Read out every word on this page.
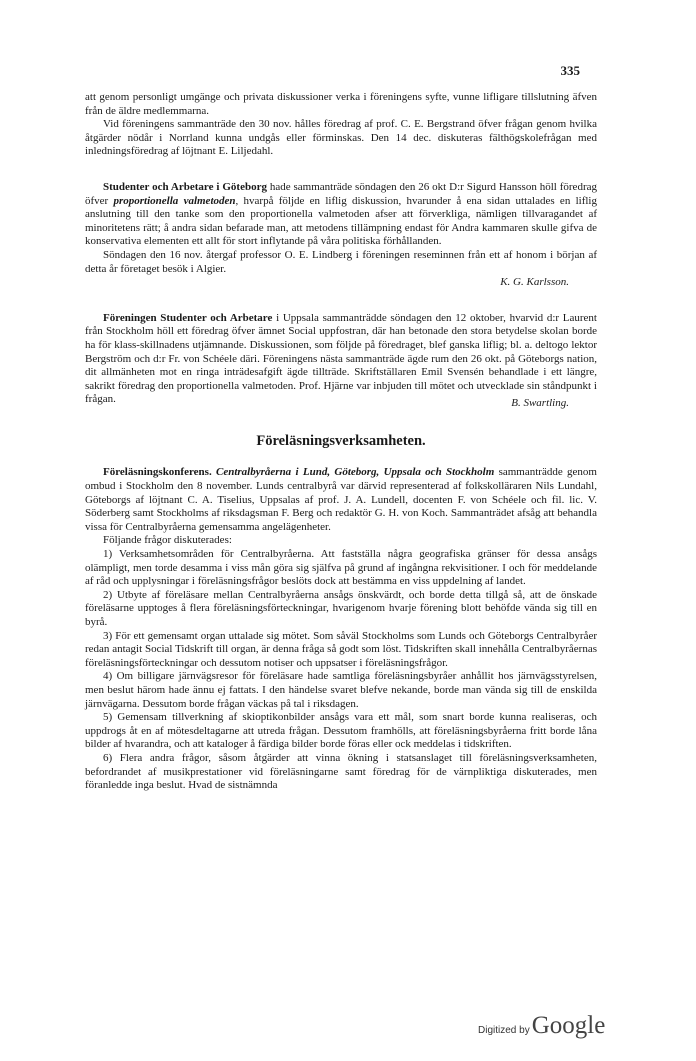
335

att genom personligt umgänge och privata diskussioner verka i föreningens syfte, vunne lifligare tillslutning äfven från de äldre medlemmarna.

Vid föreningens sammanträde den 30 nov. hålles föredrag af prof. C. E. Bergstrand öfver frågan genom hvilka åtgärder nödår i Norrland kunna undgås eller förminskas. Den 14 dec. diskuteras fälthögskolefrågan med inledningsföredrag af löjtnant E. Liljedahl.

Studenter och Arbetare i Göteborg hade sammanträde söndagen den 26 okt D:r Sigurd Hansson höll föredrag öfver proportionella valmetoden, hvarpå följde en liflig diskussion, hvarunder å ena sidan uttalades en liflig anslutning till den tanke som den proportionella valmetoden afser att förverkliga, nämligen tillvaragandet af minoritetens rätt; å andra sidan befarade man, att metodens tillämpning endast för Andra kammaren skulle gifva de konservativa elementen ett allt för stort inflytande på våra politiska förhållanden.

Söndagen den 16 nov. återgaf professor O. E. Lindberg i föreningen reseminnen från ett af honom i början af detta år företaget besök i Algier.

K. G. Karlsson.

Föreningen Studenter och Arbetare i Uppsala sammanträdde söndagen den 12 oktober, hvarvid d:r Laurent från Stockholm höll ett föredrag öfver ämnet Social uppfostran, där han betonade den stora betydelse skolan borde ha för klass-skillnadens utjämnande. Diskussionen, som följde på föredraget, blef ganska liflig; bl. a. deltogo lektor Bergström och d:r Fr. von Schéele däri. Föreningens nästa sammanträde ägde rum den 26 okt. på Göteborgs nation, dit allmänheten mot en ringa inträdesafgift ägde tillträde. Skriftställaren Emil Svensén behandlade i ett längre, sakrikt föredrag den proportionella valmetoden. Prof. Hjärne var inbjuden till mötet och utvecklade sin ståndpunkt i frågan.	B. Swartling.

Föreläsningsverksamheten.

Föreläsningskonferens. Centralbyråerna i Lund, Göteborg, Uppsala och Stockholm sammanträdde genom ombud i Stockholm den 8 november. Lunds centralbyrå var därvid representerad af folkskolläraren Nils Lundahl, Göteborgs af löjtnant C. A. Tiselius, Uppsalas af prof. J. A. Lundell, docenten F. von Schéele och fil. lic. V. Söderberg samt Stockholms af riksdagsman F. Berg och redaktör G. H. von Koch. Sammanträdet afsåg att behandla vissa för Centralbyråerna gemensamma angelägenheter.

Följande frågor diskuterades:

1) Verksamhetsområden för Centralbyråerna. Att fastställa några geografiska gränser för dessa ansågs olämpligt, men torde desamma i viss mån göra sig själfva på grund af ingångna rekvisitioner. I och för meddelande af råd och upplysningar i föreläsningsfrågor beslöts dock att bestämma en viss uppdelning af landet.

2) Utbyte af föreläsare mellan Centralbyråerna ansågs önskvärdt, och borde detta tillgå så, att de önskade föreläsarne upptoges å flera föreläsningsförteckningar, hvarigenom hvarje förening blott behöfde vända sig till en byrå.

3) För ett gemensamt organ uttalade sig mötet. Som såväl Stockholms som Lunds och Göteborgs Centralbyråer redan antagit Social Tidskrift till organ, är denna fråga så godt som löst. Tidskriften skall innehålla Centralbyråernas föreläsningsförteckningar och dessutom notiser och uppsatser i föreläsningsfrågor.

4) Om billigare järnvägsresor för föreläsare hade samtliga föreläsningsbyråer anhållit hos järnvägsstyrelsen, men beslut härom hade ännu ej fattats. I den händelse svaret blefve nekande, borde man vända sig till de enskilda järnvägarna. Dessutom borde frågan väckas på tal i riksdagen.

5) Gemensam tillverkning af skioptikonbilder ansågs vara ett mål, som snart borde kunna realiseras, och uppdrogs åt en af mötesdeltagarne att utreda frågan. Dessutom framhölls, att föreläsningsbyråerna fritt borde låna bilder af hvarandra, och att kataloger å färdiga bilder borde föras eller ock meddelas i tidskriften.

6) Flera andra frågor, såsom åtgärder att vinna ökning i statsanslaget till föreläsningsverksamheten, befordrandet af musikprestationer vid föreläsningarne samt föredrag för de värnpliktiga diskuterades, men föranledde inga beslut. Hvad de sistnämnda

Digitized by Google
